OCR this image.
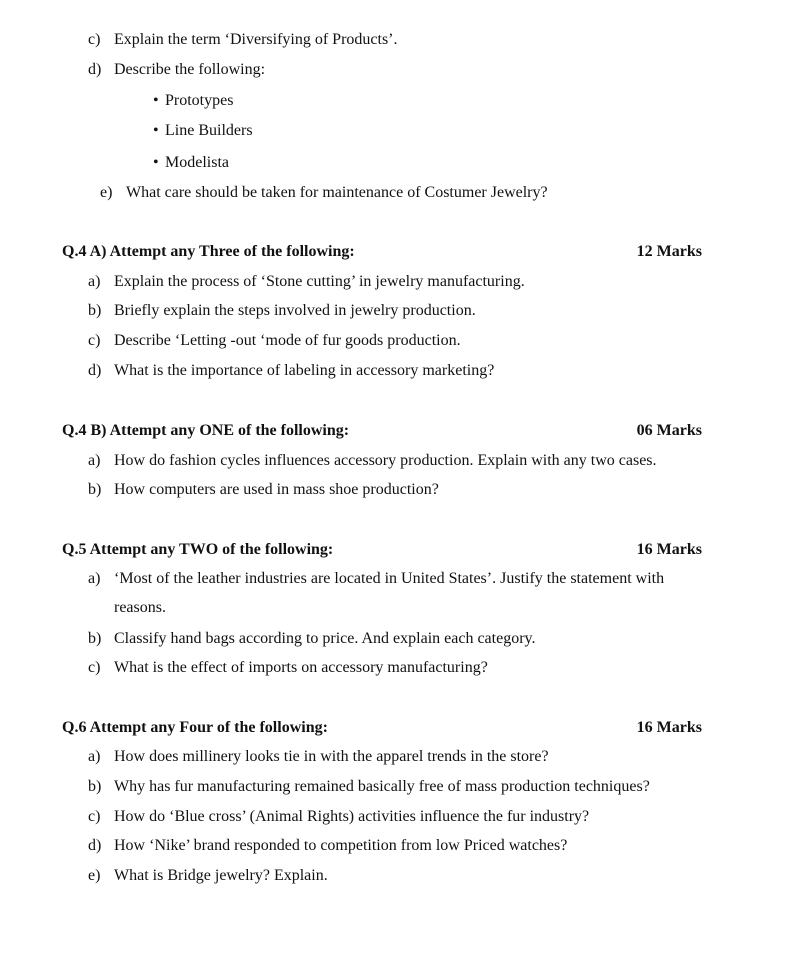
c) Explain the term ‘Diversifying of Products’.
d) Describe the following:
• Prototypes
• Line Builders
• Modelista
e) What care should be taken for maintenance of Costumer Jewelry?
Q.4 A) Attempt any Three of the following:	12 Marks
a) Explain the process of ‘Stone cutting’ in jewelry manufacturing.
b) Briefly explain the steps involved in jewelry production.
c) Describe ‘Letting -out ‘mode of fur goods production.
d) What is the importance of labeling in accessory marketing?
Q.4 B) Attempt any ONE of the following:	06 Marks
a) How do fashion cycles influences accessory production. Explain with any two cases.
b) How computers are used in mass shoe production?
Q.5 Attempt any TWO of the following:	16 Marks
a) ‘Most of the leather industries are located in United States’. Justify the statement with
reasons.
b) Classify hand bags according to price. And explain each category.
c) What is the effect of imports on accessory manufacturing?
Q.6 Attempt any Four of the following:	16 Marks
a) How does millinery looks tie in with the apparel trends in the store?
b) Why has fur manufacturing remained basically free of mass production techniques?
c) How do ‘Blue cross’ (Animal Rights) activities influence the fur industry?
d) How ‘Nike’ brand responded to competition from low Priced watches?
e) What is Bridge jewelry? Explain.
